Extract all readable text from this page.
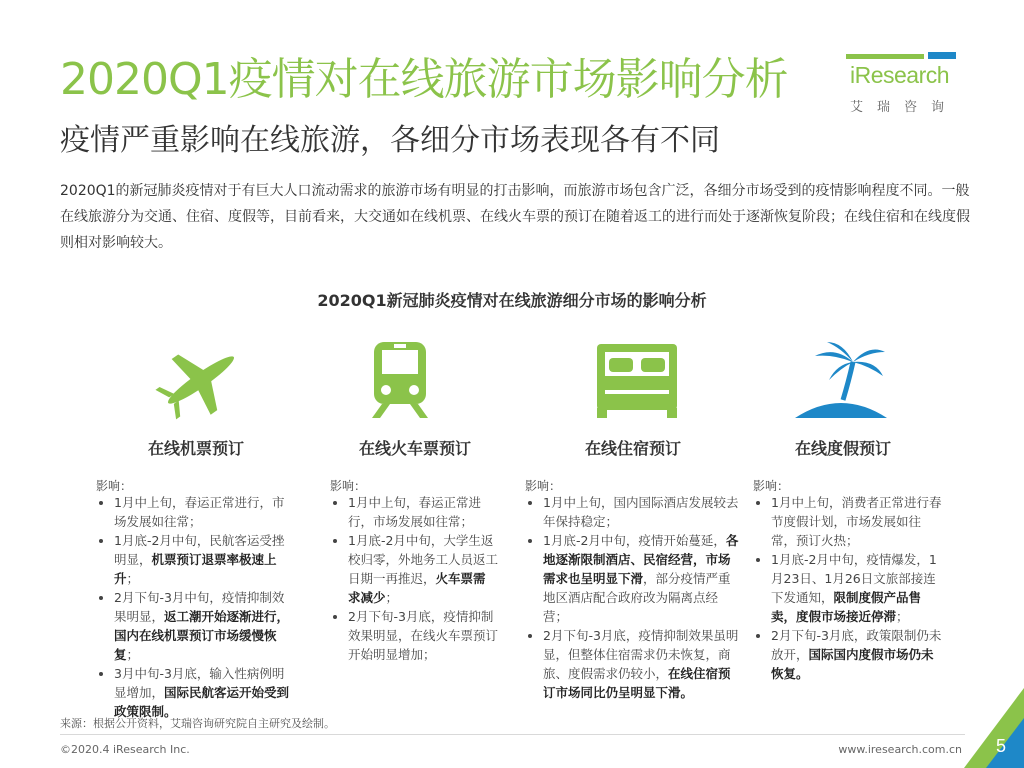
2020Q1疫情对在线旅游市场影响分析	iResearch
艾瑞咨询
疫情严重影响在线旅游，各细分市场表现各有不同
2020Q1的新冠肺炎疫情对于有巨大人口流动需求的旅游市场有明显的打击影响，而旅游市场包含广泛，各细分市场受到的疫情影响程度不同。一般在线旅游分为交通、住宿、度假等，目前看来，大交通如在线机票、在线火车票的预订在随着返工的进行而处于逐渐恢复阶段；在线住宿和在线度假则相对影响较大。
2020Q1新冠肺炎疫情对在线旅游细分市场的影响分析
在线机票预订
影响：
• 1月中上旬，春运正常进行，市场发展如往常；
• 1月底-2月中旬，民航客运受挫明显，机票预订退票率极速上升；
• 2月下旬-3月中旬，疫情抑制效果明显，返工潮开始逐渐进行，国内在线机票预订市场缓慢恢复；
• 3月中旬-3月底，输入性病例明显增加，国际民航客运开始受到政策限制。
在线火车票预订
影响：
• 1月中上旬，春运正常进行，市场发展如往常；
• 1月底-2月中旬，大学生返校归零，外地务工人员返工日期一再推迟，火车票需求减少；
• 2月下旬-3月底，疫情抑制效果明显，在线火车票预订开始明显增加；
在线住宿预订
影响：
• 1月中上旬，国内国际酒店发展较去年保持稳定；
• 1月底-2月中旬，疫情开始蔓延，各地逐渐限制酒店、民宿经营，市场需求也呈明显下滑，部分疫情严重地区酒店配合政府改为隔离点经营；
• 2月下旬-3月底，疫情抑制效果虽明显，但整体住宿需求仍未恢复，商旅、度假需求仍较小，在线住宿预订市场同比仍呈明显下滑。
在线度假预订
影响：
• 1月中上旬，消费者正常进行春节度假计划，市场发展如往常，预订火热；
• 1月底-2月中旬，疫情爆发，1月23日、1月26日文旅部接连下发通知，限制度假产品售卖，度假市场接近停滞；
• 2月下旬-3月底，政策限制仍未放开，国际国内度假市场仍未恢复。
来源：根据公开资料，艾瑞咨询研究院自主研究及绘制。
©2020.4 iResearch Inc.	www.iresearch.com.cn 5
